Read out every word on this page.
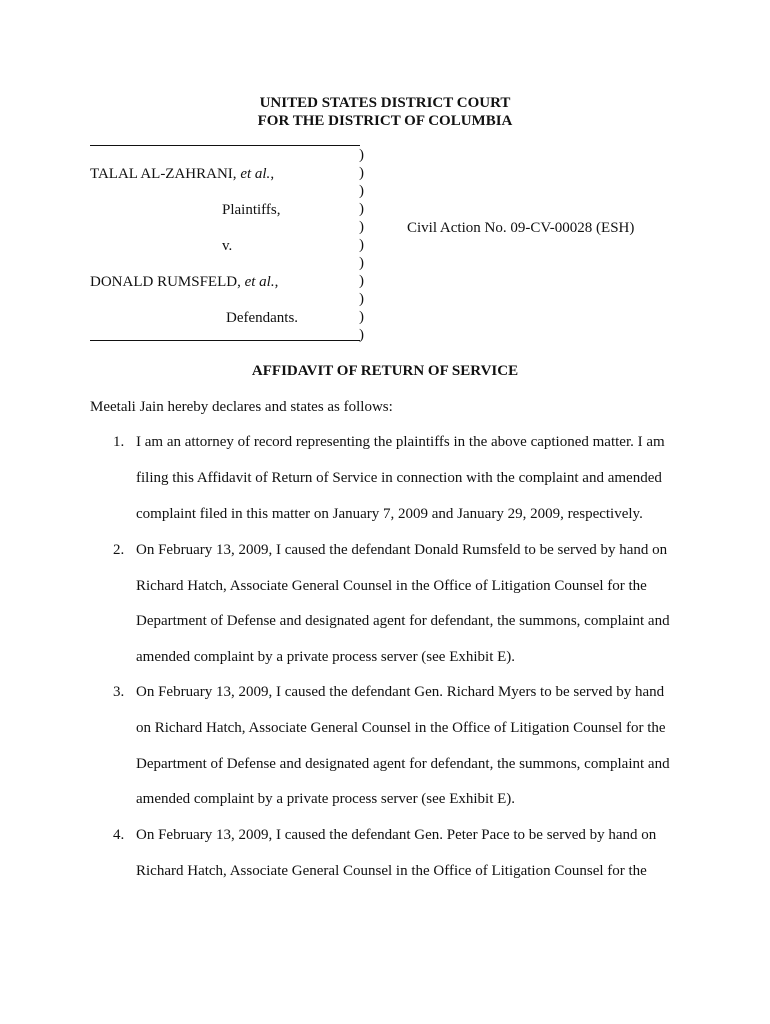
UNITED STATES DISTRICT COURT
FOR THE DISTRICT OF COLUMBIA
)
)
)
)
)
)
)
)
)
)
)
TALAL AL-ZAHRANI, et al.,
Plaintiffs,
v.
DONALD RUMSFELD, et al.,
Defendants.
Civil Action No. 09-CV-00028 (ESH)
AFFIDAVIT OF RETURN OF SERVICE
Meetali Jain hereby declares and states as follows:
1. I am an attorney of record representing the plaintiffs in the above captioned matter. I am
filing this Affidavit of Return of Service in connection with the complaint and amended
complaint filed in this matter on January 7, 2009 and January 29, 2009, respectively.
2. On February 13, 2009, I caused the defendant Donald Rumsfeld to be served by hand on
Richard Hatch, Associate General Counsel in the Office of Litigation Counsel for the
Department of Defense and designated agent for defendant, the summons, complaint and
amended complaint by a private process server (see Exhibit E).
3. On February 13, 2009, I caused the defendant Gen. Richard Myers to be served by hand
on Richard Hatch, Associate General Counsel in the Office of Litigation Counsel for the
Department of Defense and designated agent for defendant, the summons, complaint and
amended complaint by a private process server (see Exhibit E).
4. On February 13, 2009, I caused the defendant Gen. Peter Pace to be served by hand on
Richard Hatch, Associate General Counsel in the Office of Litigation Counsel for the
